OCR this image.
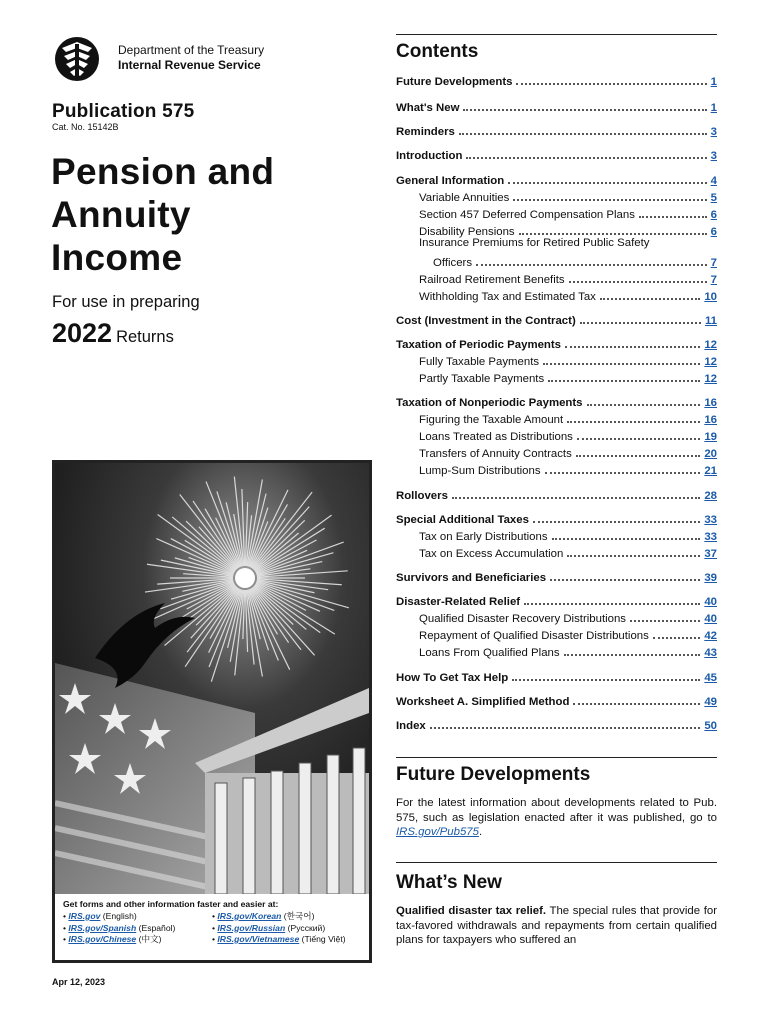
Department of the Treasury
Internal Revenue Service
Publication 575
Cat. No. 15142B
Pension and
Annuity
Income
For use in preparing
2022 Returns
Get forms and other information faster and easier at:
• IRS.gov (English)
• IRS.gov/Spanish (Español)
• IRS.gov/Chinese (中文)
• IRS.gov/Korean (한국어)
• IRS.gov/Russian (Русский)
• IRS.gov/Vietnamese (Tiếng Việt)
Apr 12, 2023
Contents
Future Developments	1
What's New	1
Reminders	3
Introduction	3
General Information	4
Variable Annuities	5
Section 457 Deferred Compensation Plans	6
Disability Pensions	6
Insurance Premiums for Retired Public Safety
Officers	7
Railroad Retirement Benefits	7
Withholding Tax and Estimated Tax	10
Cost (Investment in the Contract)	11
Taxation of Periodic Payments	12
Fully Taxable Payments	12
Partly Taxable Payments	12
Taxation of Nonperiodic Payments	16
Figuring the Taxable Amount	16
Loans Treated as Distributions	19
Transfers of Annuity Contracts	20
Lump-Sum Distributions	21
Rollovers	28
Special Additional Taxes	33
Tax on Early Distributions	33
Tax on Excess Accumulation	37
Survivors and Beneficiaries	39
Disaster-Related Relief	40
Qualified Disaster Recovery Distributions	40
Repayment of Qualified Disaster Distributions	42
Loans From Qualified Plans	43
How To Get Tax Help	45
Worksheet A. Simplified Method	49
Index	50
Future Developments
For the latest information about developments related to Pub. 575, such as legislation enacted after it was published, go to IRS.gov/Pub575.
What’s New
Qualified disaster tax relief. The special rules that provide for tax-favored withdrawals and repayments from certain qualified plans for taxpayers who suffered an
